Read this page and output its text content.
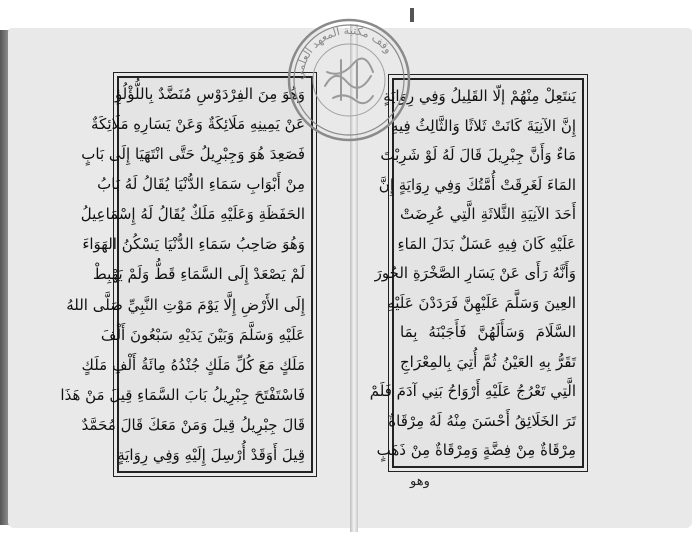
يَنتَعِلْ مِنْهُمْ إلّا القَلِيلُ وَفِي رِوَايَةٍ
إِنَّ الآنِيَةَ كَانَتْ ثَلاثًا وَالثَّالِثُ فِيهِ
مَاءٌ وَأَنَّ جِبْرِيلَ قَالَ لَهُ لَوْ شَرِبْتَ
المَاءَ لَغَرِقَتْ أُمَّتُكَ وَفِي رِوَايَةٍ إِنَّ
أَحَدَ الآنِيَةِ الثَّلاثَةِ الَّتِي عُرِضَتْ
عَلَيْهِ كَانَ فِيهِ عَسَلٌ بَدَلَ المَاءِ
وَأَنَّهُ رَأَى عَنْ يَسَارِ الصَّخْرَةِ الحُورَ
العِينَ وَسَلَّمَ عَلَيْهِنَّ فَرَدَدْنَ عَلَيْهِ
السَّلَامَ وَسَأَلَهُنَّ فَأَجَبْنَهُ بِمَا
تَقَرُّ بِهِ العَيْنُ ثُمَّ أُتِيَ بِالمِعْرَاجِ
الَّتِي تَعْرُجُ عَلَيْهِ أَرْوَاحُ بَنِي آدَمَ فَلَمْ
تَرَ الخَلَائِقُ أَحْسَنَ مِنْهُ لَهُ مِرْقَاةٌ
مِرْقَاةٌ مِنْ فِضَّةٍ وَمِرْقَاةٌ مِنْ ذَهَبٍ
وَهُوَ مِنَ الفِرْدَوْسِ مُنَضَّدٌ بِاللُّؤْلُؤِ
عَنْ يَمِينِهِ مَلَائِكَةٌ وَعَنْ يَسَارِهِ مَلَائِكَةٌ
فَصَعِدَ هُوَ وَجِبْرِيلُ حَتَّى انْتَهَيَا إِلَى بَابٍ
مِنْ أَبْوَابِ سَمَاءِ الدُّنْيَا يُقَالُ لَهُ بَابُ
الحَفَظَةِ وَعَلَيْهِ مَلَكٌ يُقَالُ لَهُ إِسْمَاعِيلُ
وَهُوَ صَاحِبُ سَمَاءِ الدُّنْيَا يَسْكُنُ الهَوَاءَ
لَمْ يَصْعَدْ إِلَى السَّمَاءِ قَطُّ وَلَمْ يَهْبِطْ
إِلَى الأَرْضِ إِلَّا يَوْمَ مَوْتِ النَّبِيِّ صَلَّى اللهُ
عَلَيْهِ وَسَلَّمَ وَبَيْنَ يَدَيْهِ سَبْعُونَ أَلْفَ
مَلَكٍ مَعَ كُلِّ مَلَكٍ جُنْدُهُ مِائَةُ أَلْفِ مَلَكٍ
فَاسْتَفْتَحَ جِبْرِيلُ بَابَ السَّمَاءِ قِيلَ مَنْ هَذَا
قَالَ جِبْرِيلُ قِيلَ وَمَنْ مَعَكَ قَالَ مُحَمَّدٌ
قِيلَ أَوَقَدْ أُرْسِلَ إِلَيْهِ وَفِي رِوَايَةٍ
وهو
وقف مكتبة المعهد العلمي
